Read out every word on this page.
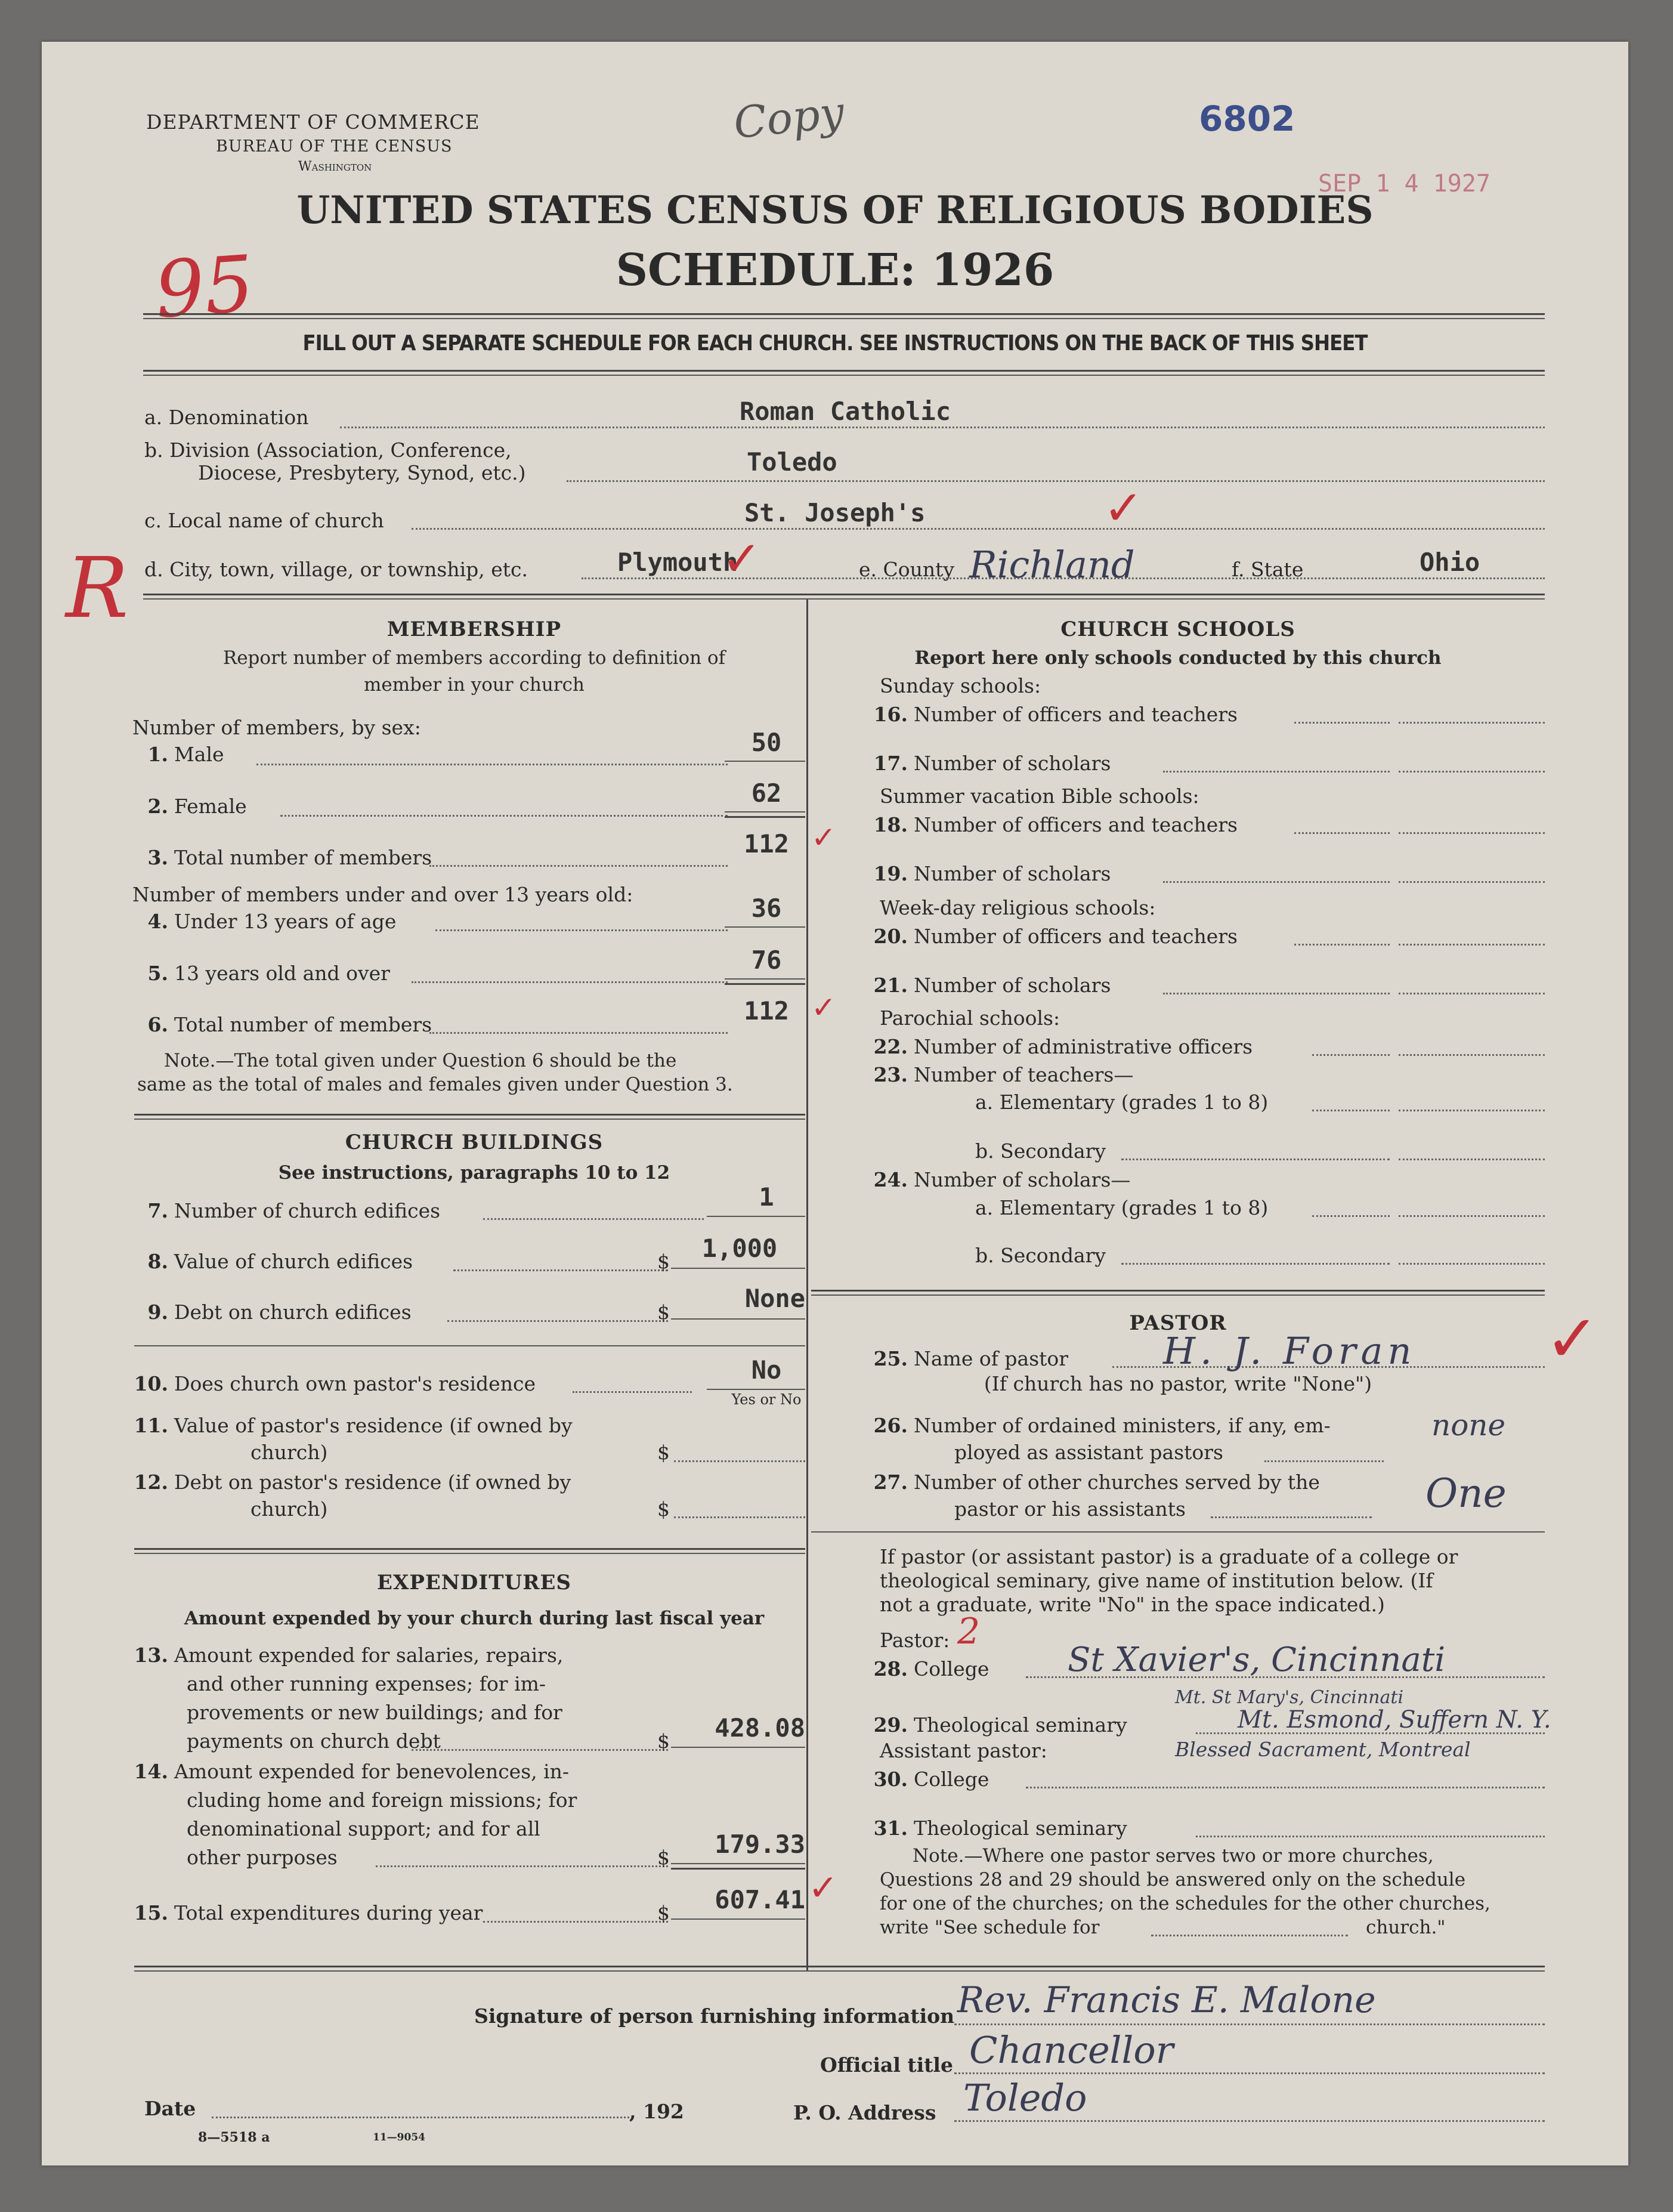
DEPARTMENT OF COMMERCE
BUREAU OF THE CENSUS
Washington
Copy	6802
SEP 1 4 1927
95
UNITED STATES CENSUS OF RELIGIOUS BODIES
SCHEDULE: 1926
FILL OUT A SEPARATE SCHEDULE FOR EACH CHURCH. SEE INSTRUCTIONS ON THE BACK OF THIS SHEET
a. Denomination	Roman Catholic
b. Division (Association, Conference,
Diocese, Presbytery, Synod, etc.)	Toledo
c. Local name of church	St. Joseph's	✓
d. City, town, village, or township, etc.	Plymouth
✓	e. County Richland	f. State	Ohio
R	MEMBERSHIP
Report number of members according to definition of
member in your church
Number of members, by sex:
1. Male	50
2. Female	62
3. Total number of members	112 ✓
Number of members under and over 13 years old:
4. Under 13 years of age	36
5. 13 years old and over	76
6. Total number of members	112 ✓
Note.—The total given under Question 6 should be the
same as the total of males and females given under Question 3.
CHURCH BUILDINGS
See instructions, paragraphs 10 to 12
7. Number of church edifices	1
8. Value of church edifices	$	1,000
9. Debt on church edifices	$	None
10. Does church own pastor's residence	No
Yes or No
11. Value of pastor's residence (if owned by
church)	$
12. Debt on pastor's residence (if owned by
church)	$
EXPENDITURES
Amount expended by your church during last fiscal year
13. Amount expended for salaries, repairs,
and other running expenses; for im-
provements or new buildings; and for
payments on church debt	$	428.08
14. Amount expended for benevolences, in-
cluding home and foreign missions; for
denominational support; and for all
other purposes	$	179.33
15. Total expenditures during year	$	607.41 ✓
CHURCH SCHOOLS
Report here only schools conducted by this church
Sunday schools:
16. Number of officers and teachers
17. Number of scholars
Summer vacation Bible schools:
18. Number of officers and teachers
19. Number of scholars
Week-day religious schools:
20. Number of officers and teachers
21. Number of scholars
Parochial schools:
22. Number of administrative officers
23. Number of teachers—
a. Elementary (grades 1 to 8)
b. Secondary
24. Number of scholars—
a. Elementary (grades 1 to 8)
b. Secondary
PASTOR
25. Name of pastor	H. J. Foran ✓
(If church has no pastor, write "None")
26. Number of ordained ministers, if any, em-
ployed as assistant pastors
none
27. Number of other churches served by the
pastor or his assistants	One
If pastor (or assistant pastor) is a graduate of a college or
theological seminary, give name of institution below. (If
not a graduate, write "No" in the space indicated.)
Pastor: 2
28. College St Xavier's, Cincinnati
Mt. St Mary's, Cincinnati
29. Theological seminary	Mt. Esmond, Suffern N. Y.
Blessed Sacrament, Montreal
Assistant pastor:
30. College
31. Theological seminary
Note.—Where one pastor serves two or more churches,
Questions 28 and 29 should be answered only on the schedule
for one of the churches; on the schedules for the other churches,
write "See schedule for	church."
Signature of person furnishing information Rev. Francis E. Malone
Official title Chancellor
P. O. Address Toledo
Date	, 192
8—5518 a	11—9054
